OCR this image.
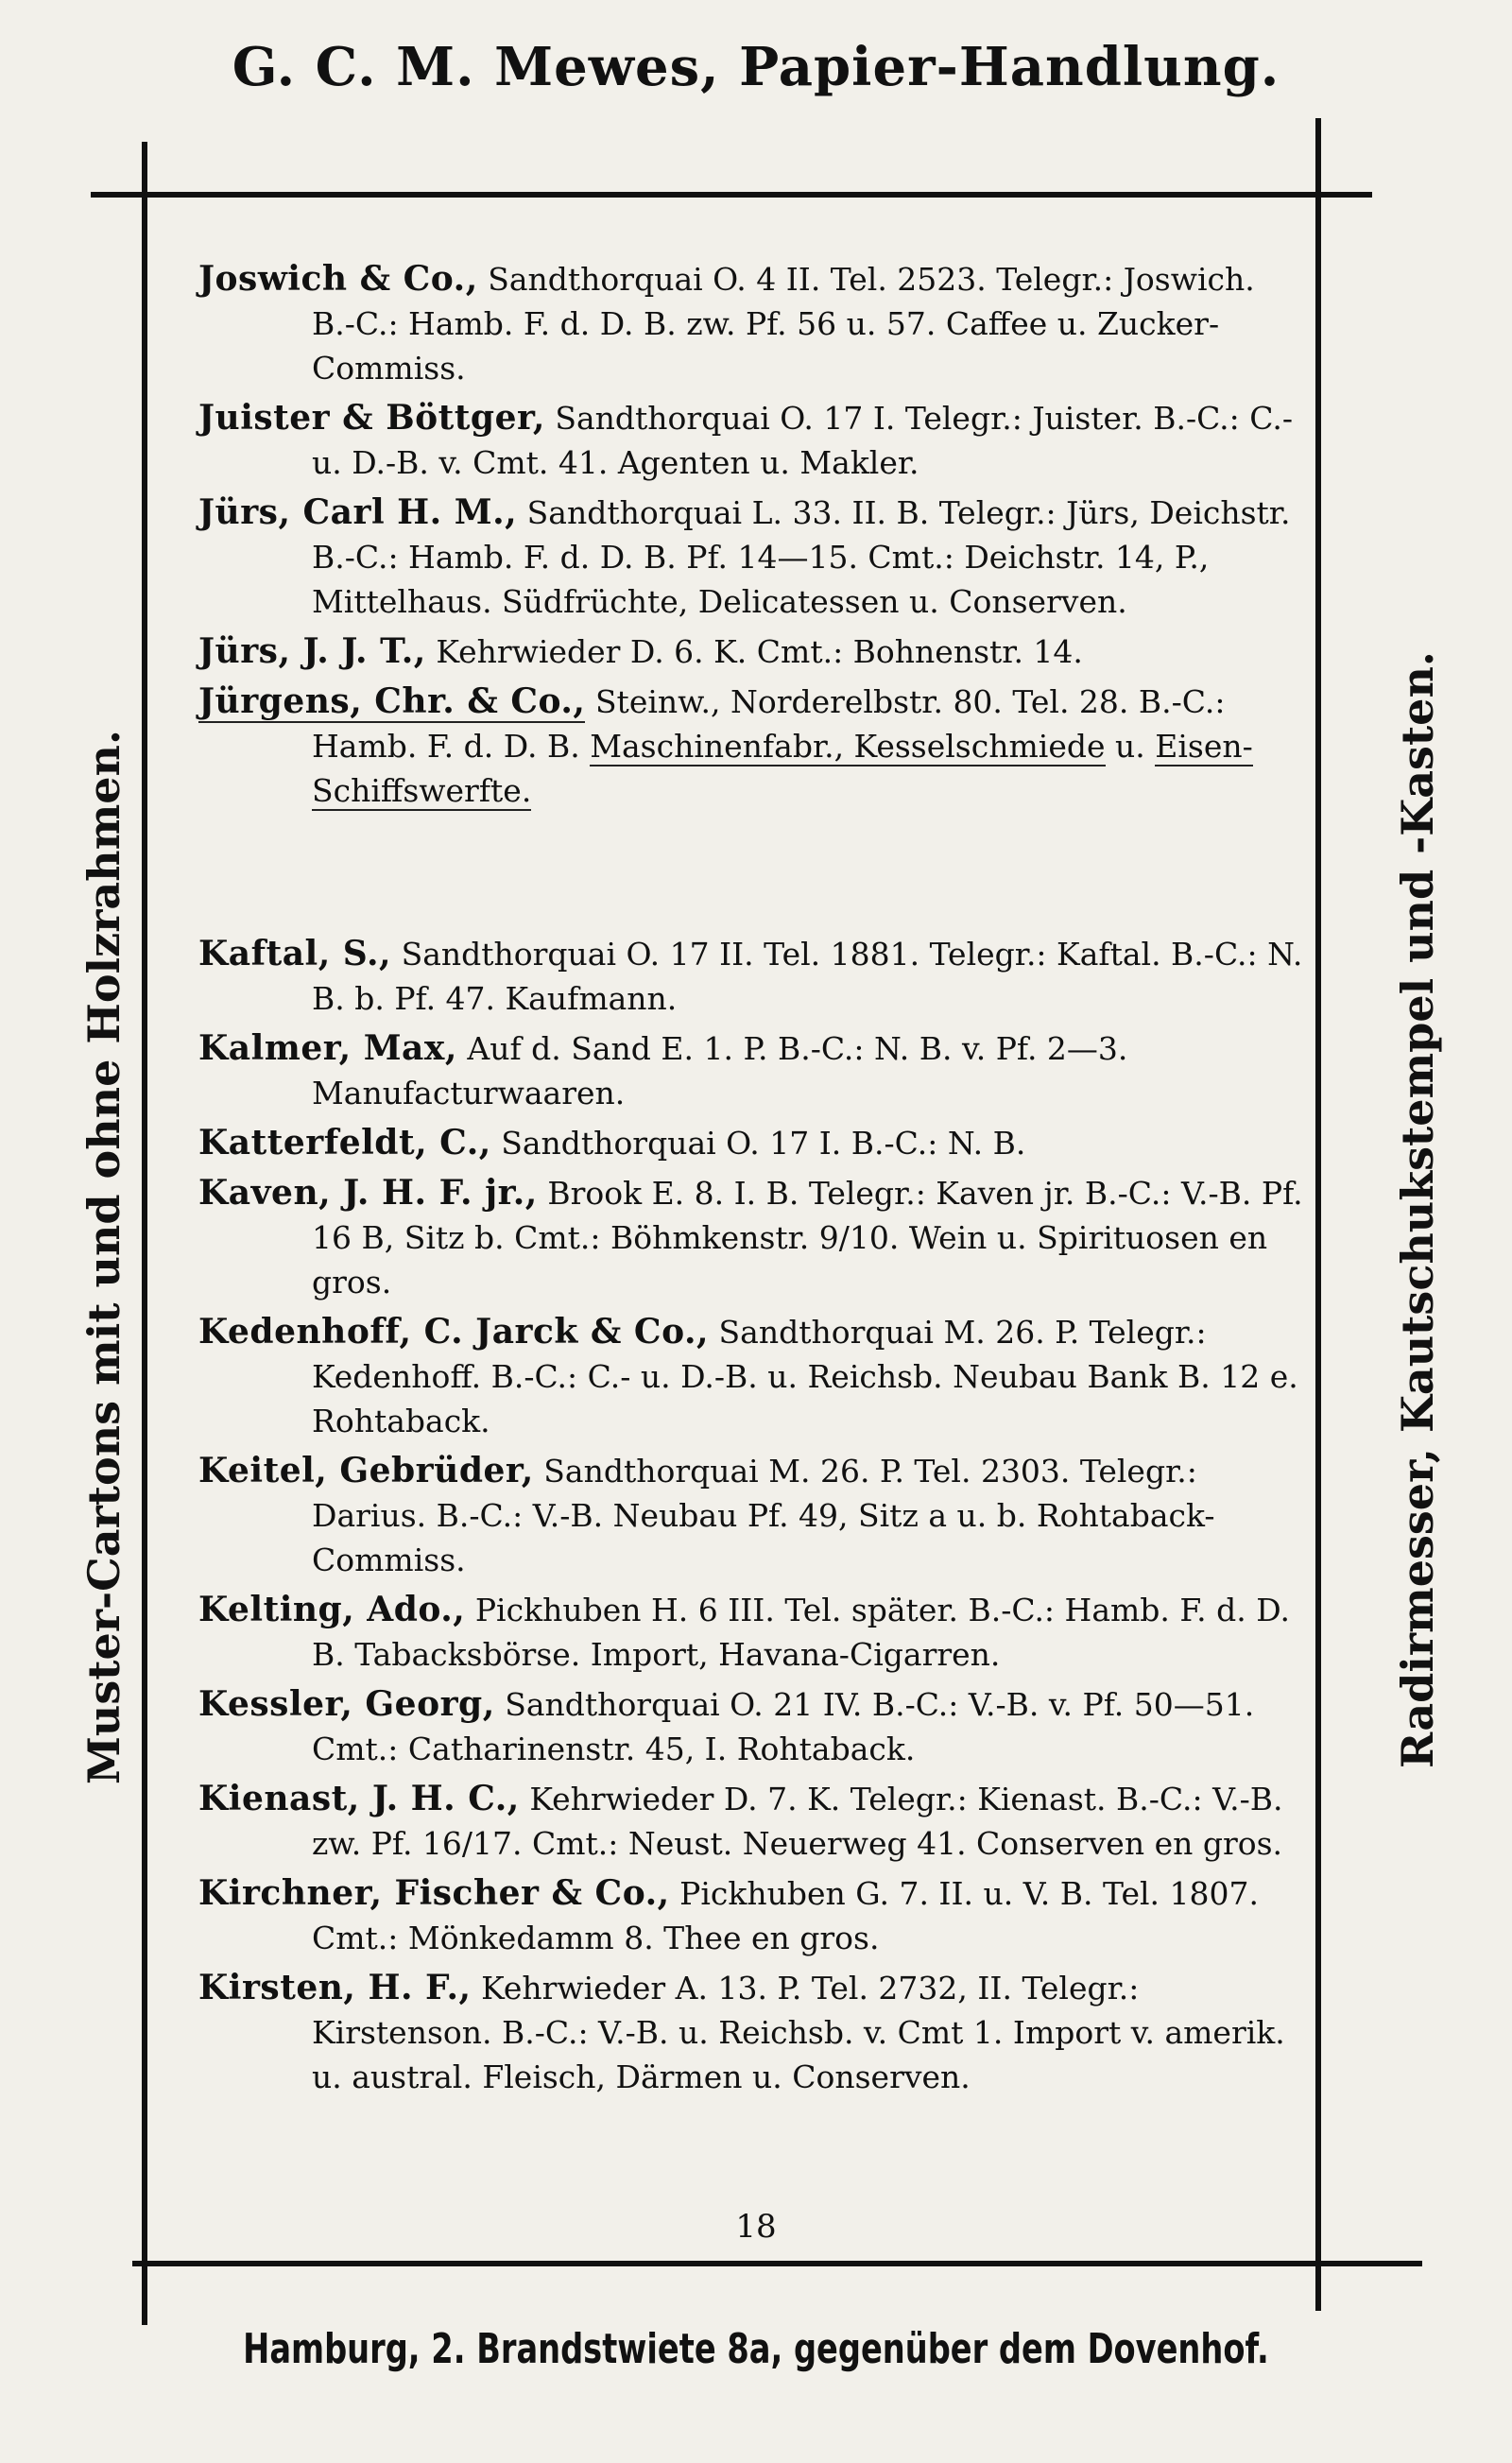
G. C. M. Mewes, Papier-Handlung.
Muster-Cartons mit und ohne Holzrahmen.	Radirmesser, Kautschukstempel und -Kasten.
Joswich & Co., Sandthorquai O. 4 II. Tel. 2523. Telegr.: Joswich. B.-C.: Hamb. F. d. D. B. zw. Pf. 56 u. 57. Caffee u. Zucker-Commiss.
Juister & Böttger, Sandthorquai O. 17 I. Telegr.: Juister. B.-C.: C.- u. D.-B. v. Cmt. 41. Agenten u. Makler.
Jürs, Carl H. M., Sandthorquai L. 33. II. B. Telegr.: Jürs, Deichstr. B.-C.: Hamb. F. d. D. B. Pf. 14—15. Cmt.: Deichstr. 14, P., Mittelhaus. Südfrüchte, Delicatessen u. Conserven.
Jürs, J. J. T., Kehrwieder D. 6. K. Cmt.: Bohnenstr. 14.
Jürgens, Chr. & Co., Steinw., Norderelbstr. 80. Tel. 28. B.-C.: Hamb. F. d. D. B. Maschinenfabr., Kesselschmiede u. Eisen-Schiffswerfte.
Kaftal, S., Sandthorquai O. 17 II. Tel. 1881. Telegr.: Kaftal. B.-C.: N. B. b. Pf. 47. Kaufmann.
Kalmer, Max, Auf d. Sand E. 1. P. B.-C.: N. B. v. Pf. 2—3. Manufacturwaaren.
Katterfeldt, C., Sandthorquai O. 17 I. B.-C.: N. B.
Kaven, J. H. F. jr., Brook E. 8. I. B. Telegr.: Kaven jr. B.-C.: V.-B. Pf. 16 B, Sitz b. Cmt.: Böhmkenstr. 9/10. Wein u. Spirituosen en gros.
Kedenhoff, C. Jarck & Co., Sandthorquai M. 26. P. Telegr.: Kedenhoff. B.-C.: C.- u. D.-B. u. Reichsb. Neubau Bank B. 12 e. Rohtaback.
Keitel, Gebrüder, Sandthorquai M. 26. P. Tel. 2303. Telegr.: Darius. B.-C.: V.-B. Neubau Pf. 49, Sitz a u. b. Rohtaback-Commiss.
Kelting, Ado., Pickhuben H. 6 III. Tel. später. B.-C.: Hamb. F. d. D. B. Tabacksbörse. Import, Havana-Cigarren.
Kessler, Georg, Sandthorquai O. 21 IV. B.-C.: V.-B. v. Pf. 50—51. Cmt.: Catharinenstr. 45, I. Rohtaback.
Kienast, J. H. C., Kehrwieder D. 7. K. Telegr.: Kienast. B.-C.: V.-B. zw. Pf. 16/17. Cmt.: Neust. Neuerweg 41. Conserven en gros.
Kirchner, Fischer & Co., Pickhuben G. 7. II. u. V. B. Tel. 1807. Cmt.: Mönkedamm 8. Thee en gros.
Kirsten, H. F., Kehrwieder A. 13. P. Tel. 2732, II. Telegr.: Kirstenson. B.-C.: V.-B. u. Reichsb. v. Cmt 1. Import v. amerik. u. austral. Fleisch, Därmen u. Conserven.
18
Hamburg, 2. Brandstwiete 8a, gegenüber dem Dovenhof.
